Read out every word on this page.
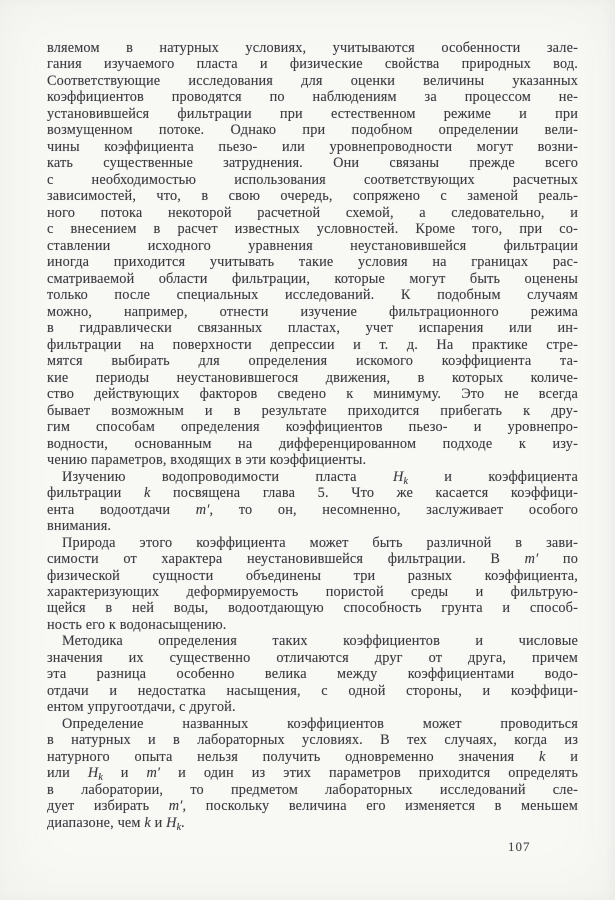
вляемом в натурных условиях, учитываются особенности зале-
гания изучаемого пласта и физические свойства природных вод.
Соответствующие исследования для оценки величины указанных
коэффициентов проводятся по наблюдениям за процессом не-
установившейся фильтрации при естественном режиме и при
возмущенном потоке. Однако при подобном определении вели-
чины коэффициента пьезо- или уровнепроводности могут возни-
кать существенные затруднения. Они связаны прежде всего
с необходимостью использования соответствующих расчетных
зависимостей, что, в свою очередь, сопряжено с заменой реаль-
ного потока некоторой расчетной схемой, а следовательно, и
с внесением в расчет известных условностей. Кроме того, при со-
ставлении исходного уравнения неустановившейся фильтрации
иногда приходится учитывать такие условия на границах рас-
сматриваемой области фильтрации, которые могут быть оценены
только после специальных исследований. К подобным случаям
можно, например, отнести изучение фильтрационного режима
в гидравлически связанных пластах, учет испарения или ин-
фильтрации на поверхности депрессии и т. д. На практике стре-
мятся выбирать для определения искомого коэффициента та-
кие периоды неустановившегося движения, в которых количе-
ство действующих факторов сведено к минимуму. Это не всегда
бывает возможным и в результате приходится прибегать к дру-
гим способам определения коэффициентов пьезо- и уровнепро-
водности, основанным на дифференцированном подходе к изу-
чению параметров, входящих в эти коэффициенты.
Изучению водопроводимости пласта $H_k$ и коэффициента
фильтрации k посвящена глава 5. Что же касается коэффици-
ента водоотдачи m′, то он, несомненно, заслуживает особого
внимания.
Природа этого коэффициента может быть различной в зави-
симости от характера неустановившейся фильтрации. В m′ по
физической сущности объединены три разных коэффициента,
характеризующих деформируемость пористой среды и фильтрую-
щейся в ней воды, водоотдающую способность грунта и способ-
ность его к водонасыщению.
Методика определения таких коэффициентов и числовые
значения их существенно отличаются друг от друга, причем
эта разница особенно велика между коэффициентами водо-
отдачи и недостатка насыщения, с одной стороны, и коэффици-
ентом упругоотдачи, с другой.
Определение названных коэффициентов может проводиться
в натурных и в лабораторных условиях. В тех случаях, когда из
натурного опыта нельзя получить одновременно значения k и
или $H_k$ и m′ и один из этих параметров приходится определять
в лаборатории, то предметом лабораторных исследований сле-
дует избирать m′, поскольку величина его изменяется в меньшем
диапазоне, чем k и $H_k$.
107
